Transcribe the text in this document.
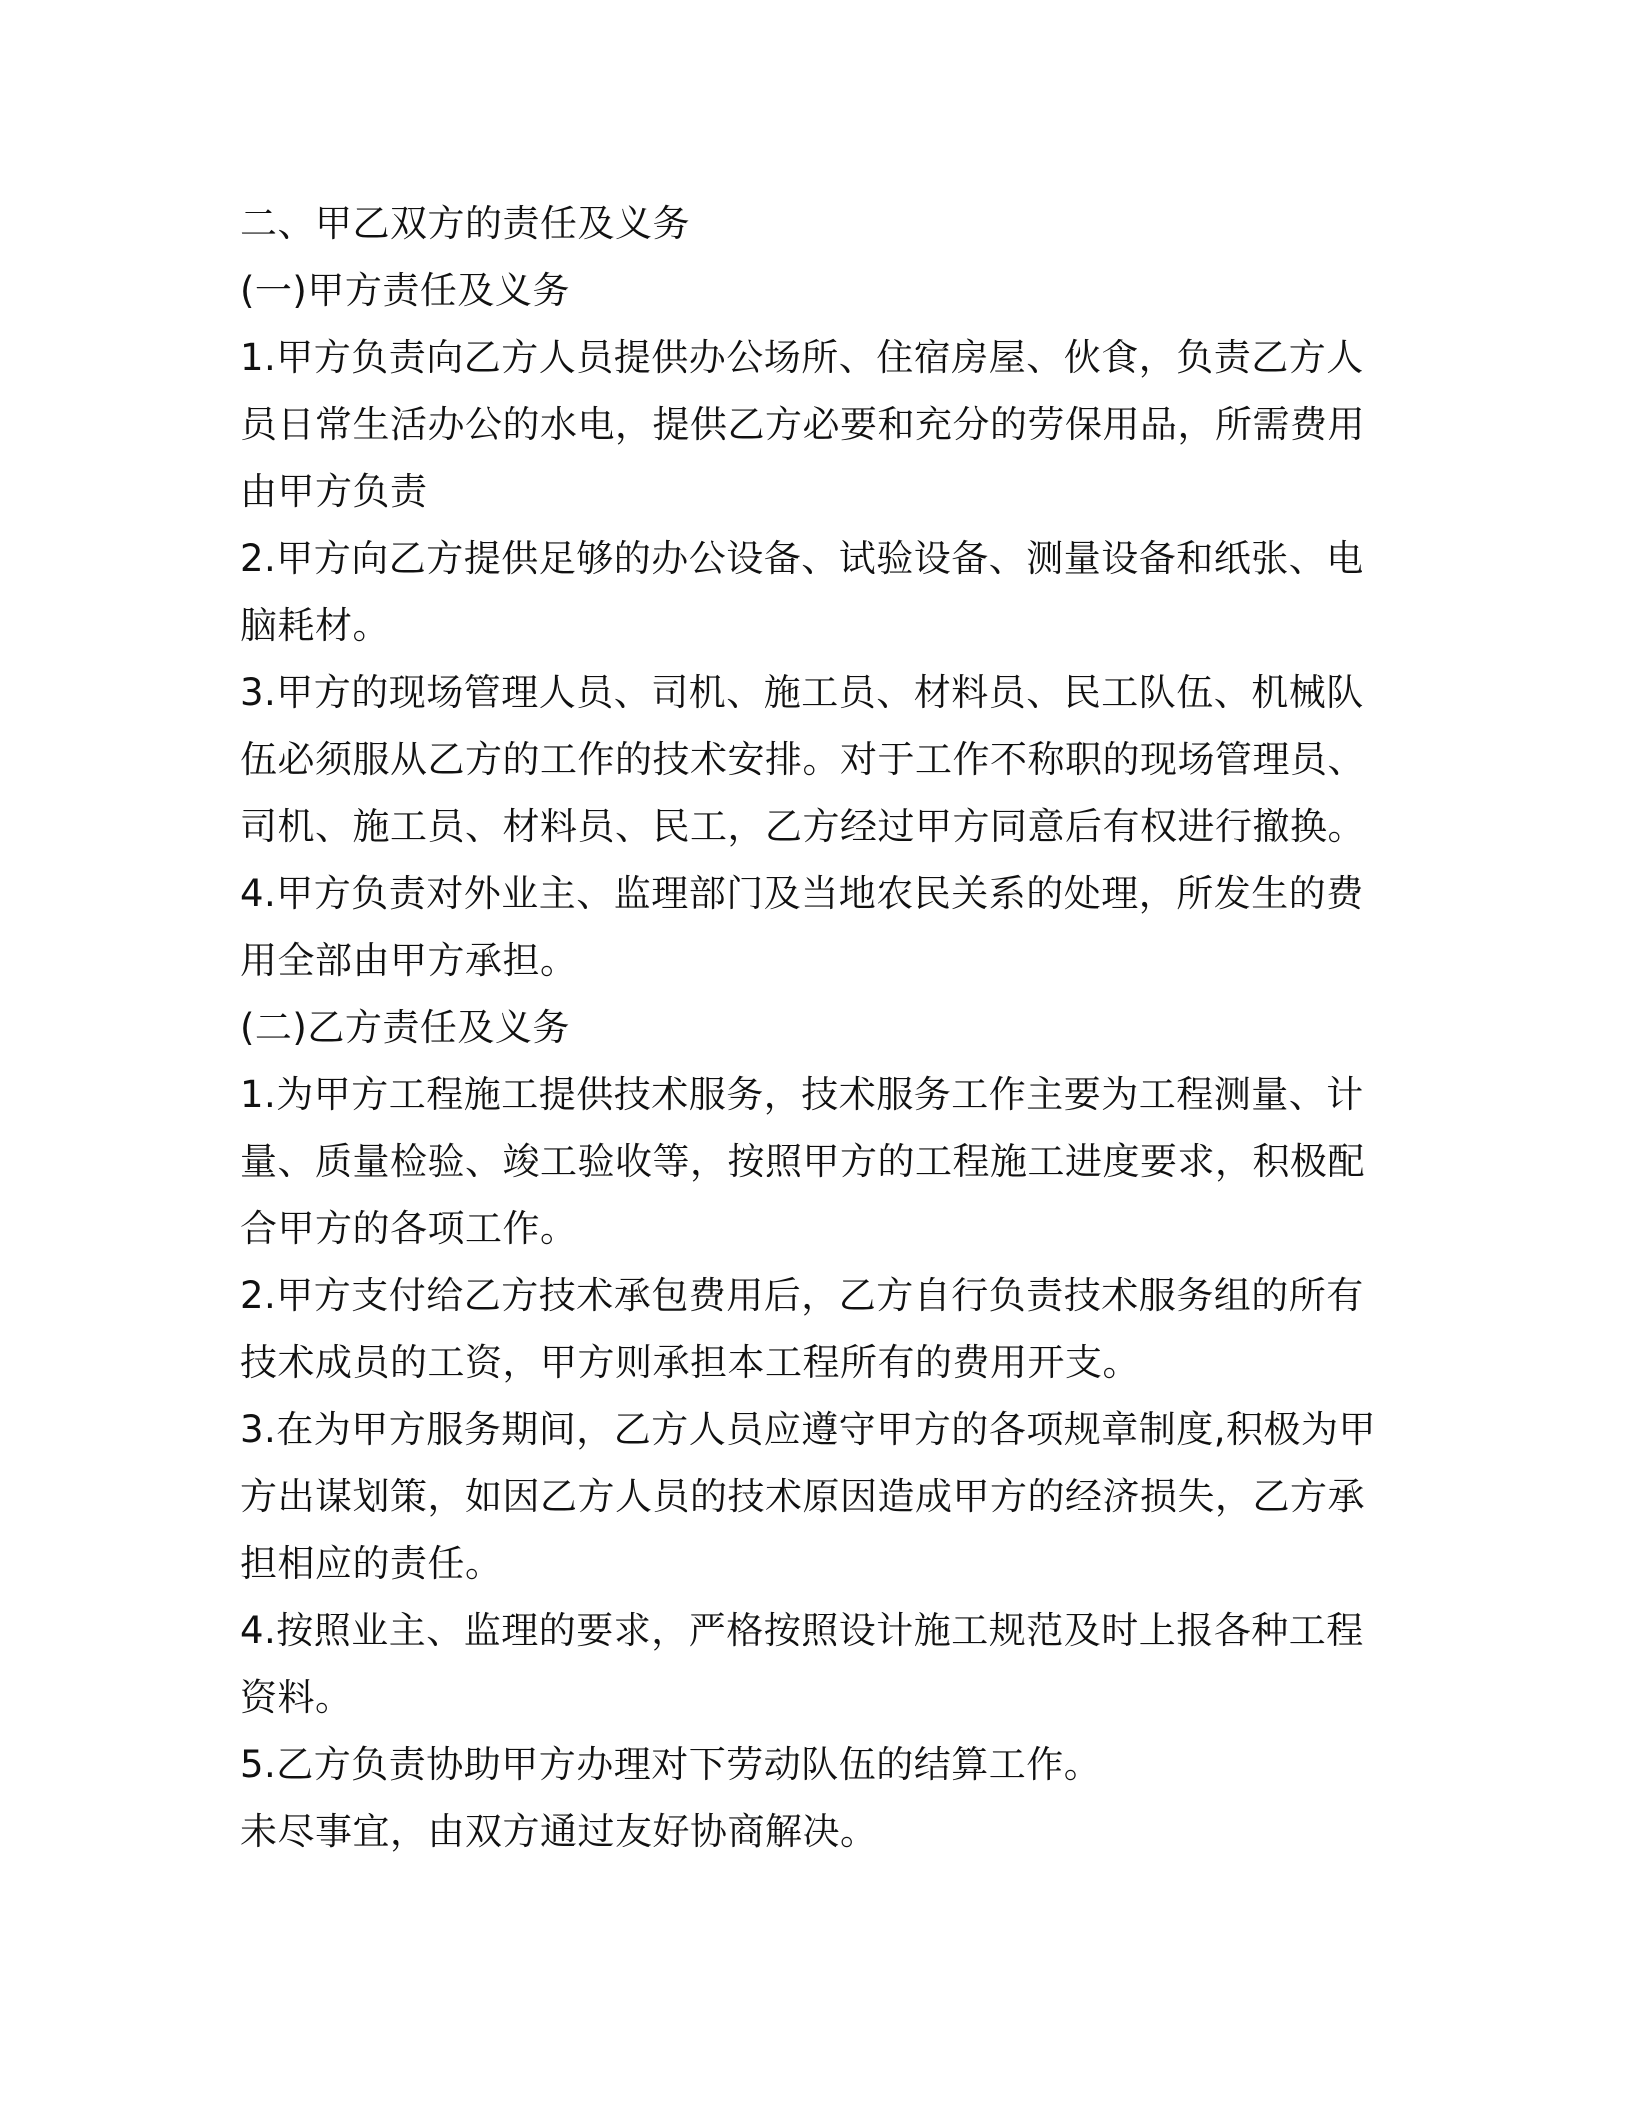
二、甲乙双方的责任及义务
(一)甲方责任及义务
1.甲方负责向乙方人员提供办公场所、住宿房屋、伙食，负责乙方人
员日常生活办公的水电，提供乙方必要和充分的劳保用品，所需费用
由甲方负责
2.甲方向乙方提供足够的办公设备、试验设备、测量设备和纸张、电
脑耗材。
3.甲方的现场管理人员、司机、施工员、材料员、民工队伍、机械队
伍必须服从乙方的工作的技术安排。对于工作不称职的现场管理员、
司机、施工员、材料员、民工，乙方经过甲方同意后有权进行撤换。
4.甲方负责对外业主、监理部门及当地农民关系的处理，所发生的费
用全部由甲方承担。
(二)乙方责任及义务
1.为甲方工程施工提供技术服务，技术服务工作主要为工程测量、计
量、质量检验、竣工验收等，按照甲方的工程施工进度要求，积极配
合甲方的各项工作。
2.甲方支付给乙方技术承包费用后，乙方自行负责技术服务组的所有
技术成员的工资，甲方则承担本工程所有的费用开支。
3.在为甲方服务期间，乙方人员应遵守甲方的各项规章制度,积极为甲
方出谋划策，如因乙方人员的技术原因造成甲方的经济损失，乙方承
担相应的责任。
4.按照业主、监理的要求，严格按照设计施工规范及时上报各种工程
资料。
5.乙方负责协助甲方办理对下劳动队伍的结算工作。
未尽事宜，由双方通过友好协商解决。
